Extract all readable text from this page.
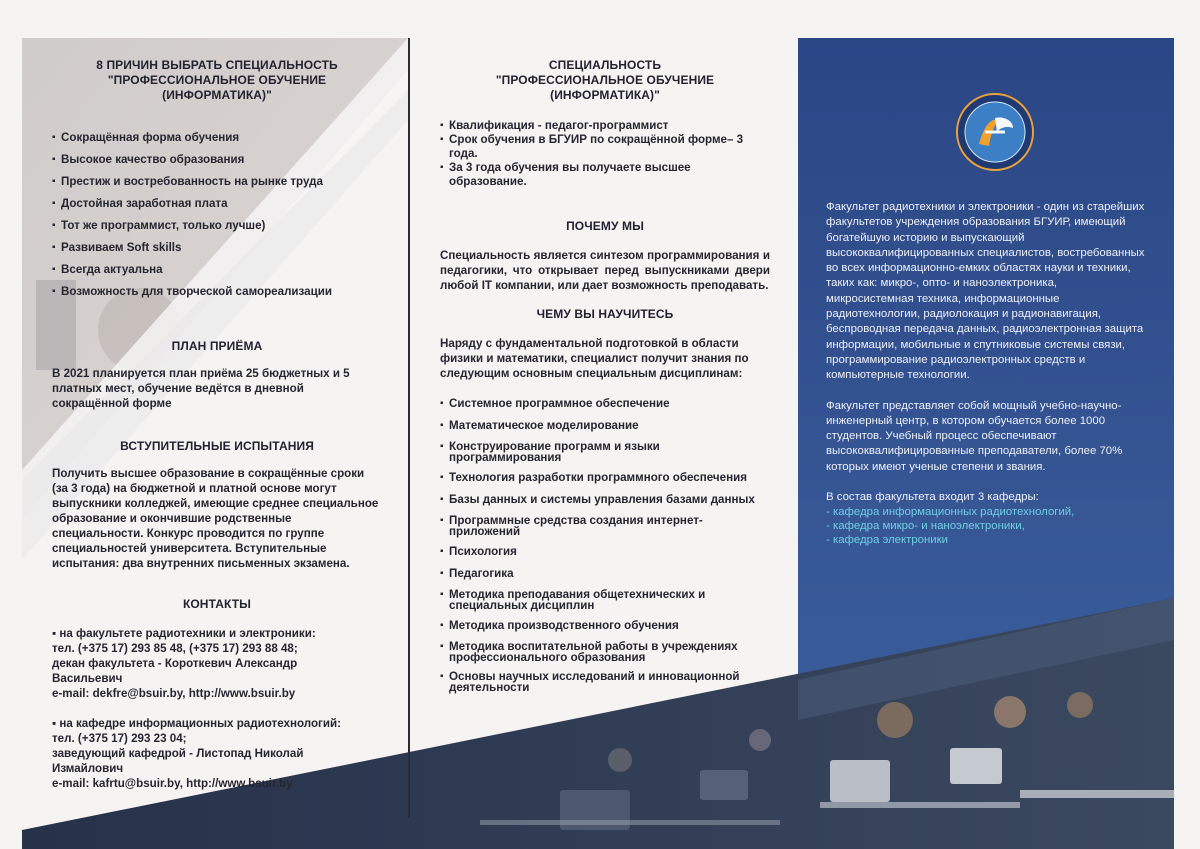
8 ПРИЧИН ВЫБРАТЬ СПЕЦИАЛЬНОСТЬ "ПРОФЕССИОНАЛЬНОЕ ОБУЧЕНИЕ (ИНФОРМАТИКА)"
▪ Сокращённая форма обучения
▪ Высокое качество образования
▪ Престиж и востребованность на рынке труда
▪ Достойная заработная плата
▪ Тот же программист, только лучше)
▪ Развиваем Soft skills
▪ Всегда актуальна
▪ Возможность для творческой самореализации
ПЛАН ПРИЁМА

В 2021 планируется план приёма 25 бюджетных и 5 платных мест, обучение ведётся в дневной сокращённой форме

ВСТУПИТЕЛЬНЫЕ ИСПЫТАНИЯ

Получить высшее образование в сокращённые сроки (за 3 года) на бюджетной и платной основе могут выпускники колледжей, имеющие среднее специальное образование и окончившие родственные специальности. Конкурс проводится по группе специальностей университета. Вступительные испытания: два внутренних письменных экзамена.

КОНТАКТЫ

▪ на факультете радиотехники и электроники:

тел. (+375 17) 293 85 48, (+375 17) 293 88 48;

декан факультета - Короткевич Александр

Васильевич

e-mail: dekfre@bsuir.by, http://www.bsuir.by

▪ на кафедре информационных радиотехнологий:

тел. (+375 17) 293 23 04;

заведующий кафедрой - Листопад Николай

Измайлович

e-mail: kafrtu@bsuir.by, http://www.bsuir.by

СПЕЦИАЛЬНОСТЬ
"ПРОФЕССИОНАЛЬНОЕ ОБУЧЕНИЕ (ИНФОРМАТИКА)"
▪ Квалификация - педагог-программист
▪ Срок обучения в БГУИР по сокращённой форме– 3 года.
▪ За 3 года обучения вы получаете высшее образование.
ПОЧЕМУ МЫ

Специальность является синтезом программирования и педагогики, что открывает перед выпускниками двери любой IT компании, или дает возможность преподавать.

ЧЕМУ ВЫ НАУЧИТЕСЬ

Наряду с фундаментальной подготовкой в области физики и математики, специалист получит знания по следующим основным специальным дисциплинам:

▪ Системное программное обеспечение
▪ Математическое моделирование
▪ Конструирование программ и языки программирования
▪ Технология разработки программного обеспечения
▪ Базы данных и системы управления базами данных
▪ Программные средства создания интернет-приложений
▪ Психология
▪ Педагогика
▪ Методика преподавания общетехнических и специальных дисциплин
▪ Методика производственного обучения
▪ Методика воспитательной работы в учреждениях профессионального образования
▪ Основы научных исследований и инновационной деятельности

Факультет радиотехники и электроники - один из старейших факультетов учреждения образования БГУИР, имеющий богатейшую историю и выпускающий высококвалифицированных специалистов, востребованных во всех информационно-емких областях науки и техники, таких как: микро-, опто- и наноэлектроника, микросистемная техника, информационные радиотехнологии, радиолокация и радионавигация, беспроводная передача данных, радиоэлектронная защита информации, мобильные и спутниковые системы связи, программирование радиоэлектронных средств и компьютерные технологии.

Факультет представляет собой мощный учебно-научно-инженерный центр, в котором обучается более 1000 студентов. Учебный процесс обеспечивают высококвалифицированные преподаватели, более 70% которых имеют ученые степени и звания.

В состав факультета входит 3 кафедры:

- кафедра информационных радиотехнологий,

- кафедра микро- и наноэлектроники,

- кафедра электроники
